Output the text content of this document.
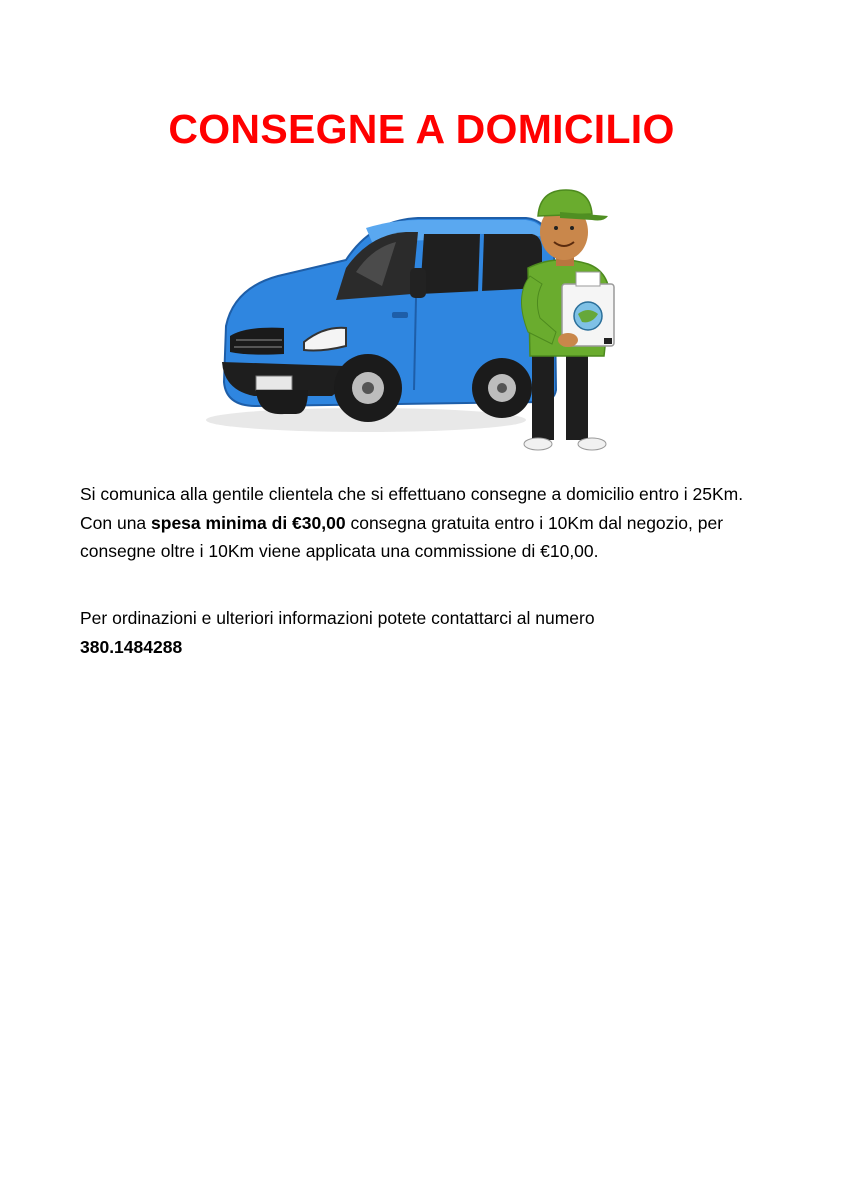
CONSEGNE A DOMICILIO

Si comunica alla gentile clientela che si effettuano consegne a domicilio entro i 25Km. Con una spesa minima di €30,00 consegna gratuita entro i 10Km dal negozio, per consegne oltre i 10Km viene applicata una commissione di €10,00.

Per ordinazioni e ulteriori informazioni potete contattarci al numero
380.1484288
